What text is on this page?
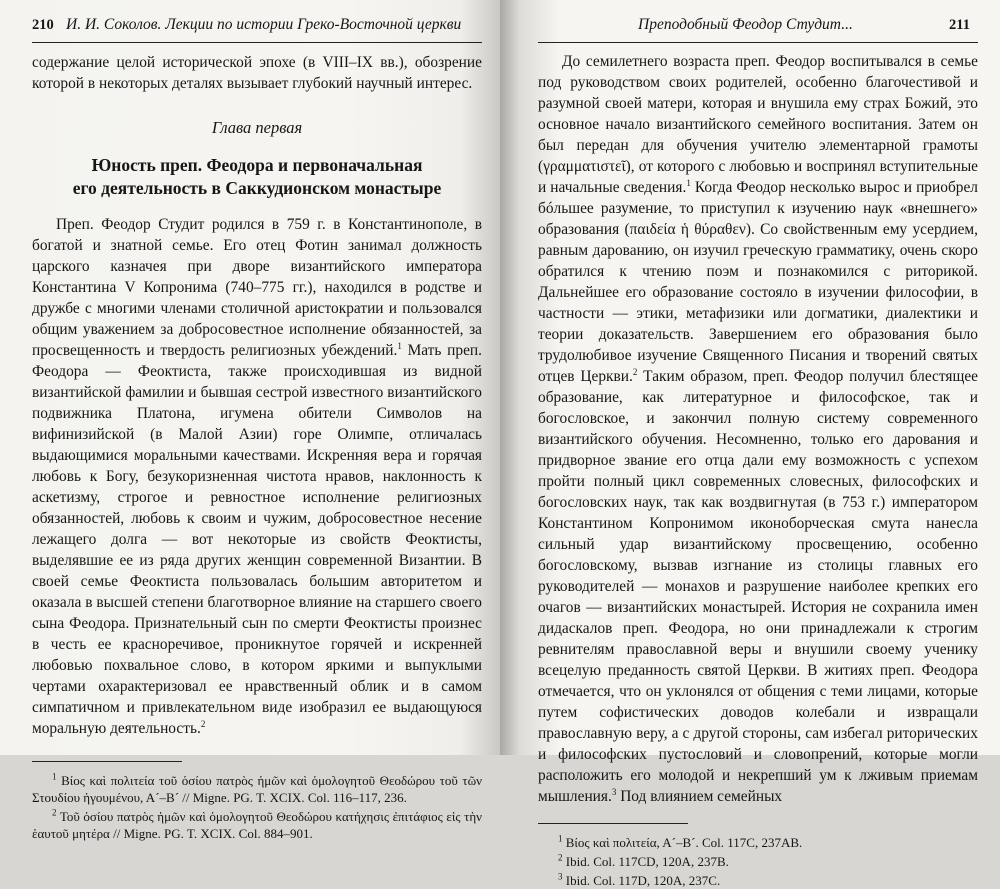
210 И. И. Соколов. Лекции по истории Греко-Восточной церкви

содержание целой исторической эпохе (в VIII–IX вв.), обозрение которой в некоторых деталях вызывает глубокий научный интерес.

Глава первая
Юность преп. Феодора и первоначальная
его деятельность в Саккудионском монастыре

Преп. Феодор Студит родился в 759 г. в Константинополе, в богатой и знатной семье. Его отец Фотин занимал должность царского казначея при дворе византийского императора Константина V Копронима (740–775 гг.), находился в родстве и дружбе с многими членами столичной аристократии и пользовался общим уважением за добросовестное исполнение обязанностей, за просвещенность и твердость религиозных убеждений.$^1$ Мать преп. Феодора — Феоктиста, также происходившая из видной византийской фамилии и бывшая сестрой известного византийского подвижника Платона, игумена обители Символов на вифинизийской (в Малой Азии) горе Олимпе, отличалась выдающимися моральными качествами. Искренняя вера и горячая любовь к Богу, безукоризненная чистота нравов, наклонность к аскетизму, строгое и ревностное исполнение религиозных обязанностей, любовь к своим и чужим, добросовестное несение лежащего долга — вот некоторые из свойств Феоктисты, выделявшие ее из ряда других женщин современной Византии. В своей семье Феоктиста пользовалась большим авторитетом и оказала в высшей степени благотворное влияние на старшего своего сына Феодора. Признательный сын по смерти Феоктисты произнес в честь ее красноречивое, проникнутое горячей и искренней любовью похвальное слово, в котором яркими и выпуклыми чертами охарактеризовал ее нравственный облик и в самом симпатичном и привлекательном виде изобразил ее выдающуюся моральную деятельность.$^2$

$^1$ Βίος καὶ πολιτεία τοῦ ὁσίου πατρὸς ἡμῶν καὶ ὁμολογητοῦ Θεοδώρου τοῦ τῶν Στουδίου ἡγουμένου, Α´–Β´ // Migne. PG. T. XCIX. Col. 116–117, 236.

$^2$ Τοῦ ὁσίου πατρὸς ἡμῶν καὶ ὁμολογητοῦ Θεοδώρου κατήχησις ἐπιτάφιος εἰς τὴν ἑαυτοῦ μητέρα // Migne. PG. T. XCIX. Col. 884–901.

Преподобный Феодор Студит...	211

До семилетнего возраста преп. Феодор воспитывался в семье под руководством своих родителей, особенно благочестивой и разумной своей матери, которая и внушила ему страх Божий, это основное начало византийского семейного воспитания. Затем он был передан для обучения учителю элементарной грамоты (γραμματιστεῖ), от которого с любовью и воспринял вступительные и начальные сведения.$^1$ Когда Феодор несколько вырос и приобрел бóльшее разумение, то приступил к изучению наук «внешнего» образования (παιδεία ἡ θύραθεν). Со свойственным ему усердием, равным дарованию, он изучил греческую грамматику, очень скоро обратился к чтению поэм и познакомился с риторикой. Дальнейшее его образование состояло в изучении философии, в частности — этики, метафизики или догматики, диалектики и теории доказательств. Завершением его образования было трудолюбивое изучение Священного Писания и творений святых отцев Церкви.$^2$ Таким образом, преп. Феодор получил блестящее образование, как литературное и философское, так и богословское, и закончил полную систему современного византийского обучения. Несомненно, только его дарования и придворное звание его отца дали ему возможность с успехом пройти полный цикл современных словесных, философских и богословских наук, так как воздвигнутая (в 753 г.) императором Константином Копронимом иконоборческая смута нанесла сильный удар византийскому просвещению, особенно богословскому, вызвав изгнание из столицы главных его руководителей — монахов и разрушение наиболее крепких его очагов — византийских монастырей. История не сохранила имен дидаскалов преп. Феодора, но они принадлежали к строгим ревнителям православной веры и внушили своему ученику всецелую преданность святой Церкви. В житиях преп. Феодора отмечается, что он уклонялся от общения с теми лицами, которые путем софистических доводов колебали и извращали православную веру, а с другой стороны, сам избегал риторических и философских пустословий и словопрений, которые могли расположить его молодой и некрепший ум к лживым приемам мышления.$^3$ Под влиянием семейных

$^1$ Βίος καὶ πολιτεία, Α´–Β´. Col. 117C, 237AB.

$^2$ Ibid. Col. 117CD, 120A, 237B.

$^3$ Ibid. Col. 117D, 120A, 237C.
